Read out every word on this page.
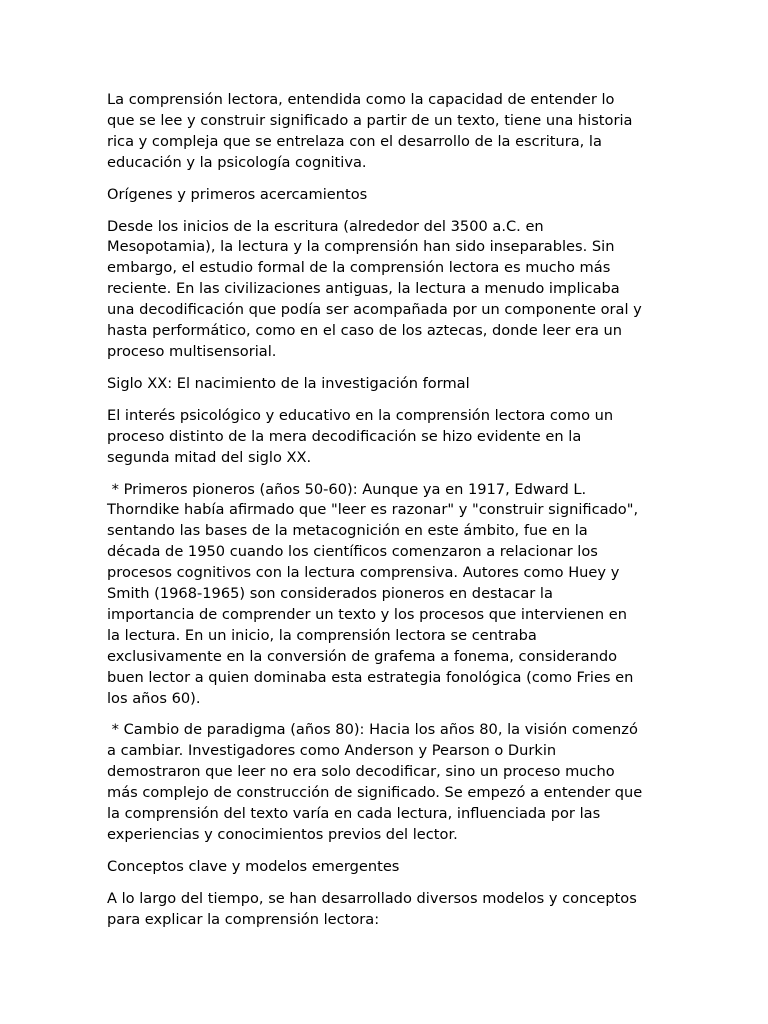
La comprensión lectora, entendida como la capacidad de entender lo
que se lee y construir significado a partir de un texto, tiene una historia
rica y compleja que se entrelaza con el desarrollo de la escritura, la
educación y la psicología cognitiva.

Orígenes y primeros acercamientos

Desde los inicios de la escritura (alrededor del 3500 a.C. en
Mesopotamia), la lectura y la comprensión han sido inseparables. Sin
embargo, el estudio formal de la comprensión lectora es mucho más
reciente. En las civilizaciones antiguas, la lectura a menudo implicaba
una decodificación que podía ser acompañada por un componente oral y
hasta performático, como en el caso de los aztecas, donde leer era un
proceso multisensorial.

Siglo XX: El nacimiento de la investigación formal

El interés psicológico y educativo en la comprensión lectora como un
proceso distinto de la mera decodificación se hizo evidente en la
segunda mitad del siglo XX.

* Primeros pioneros (años 50-60): Aunque ya en 1917, Edward L.
Thorndike había afirmado que "leer es razonar" y "construir significado",
sentando las bases de la metacognición en este ámbito, fue en la
década de 1950 cuando los científicos comenzaron a relacionar los
procesos cognitivos con la lectura comprensiva. Autores como Huey y
Smith (1968-1965) son considerados pioneros en destacar la
importancia de comprender un texto y los procesos que intervienen en
la lectura. En un inicio, la comprensión lectora se centraba
exclusivamente en la conversión de grafema a fonema, considerando
buen lector a quien dominaba esta estrategia fonológica (como Fries en
los años 60).

* Cambio de paradigma (años 80): Hacia los años 80, la visión comenzó
a cambiar. Investigadores como Anderson y Pearson o Durkin
demostraron que leer no era solo decodificar, sino un proceso mucho
más complejo de construcción de significado. Se empezó a entender que
la comprensión del texto varía en cada lectura, influenciada por las
experiencias y conocimientos previos del lector.

Conceptos clave y modelos emergentes

A lo largo del tiempo, se han desarrollado diversos modelos y conceptos
para explicar la comprensión lectora:
